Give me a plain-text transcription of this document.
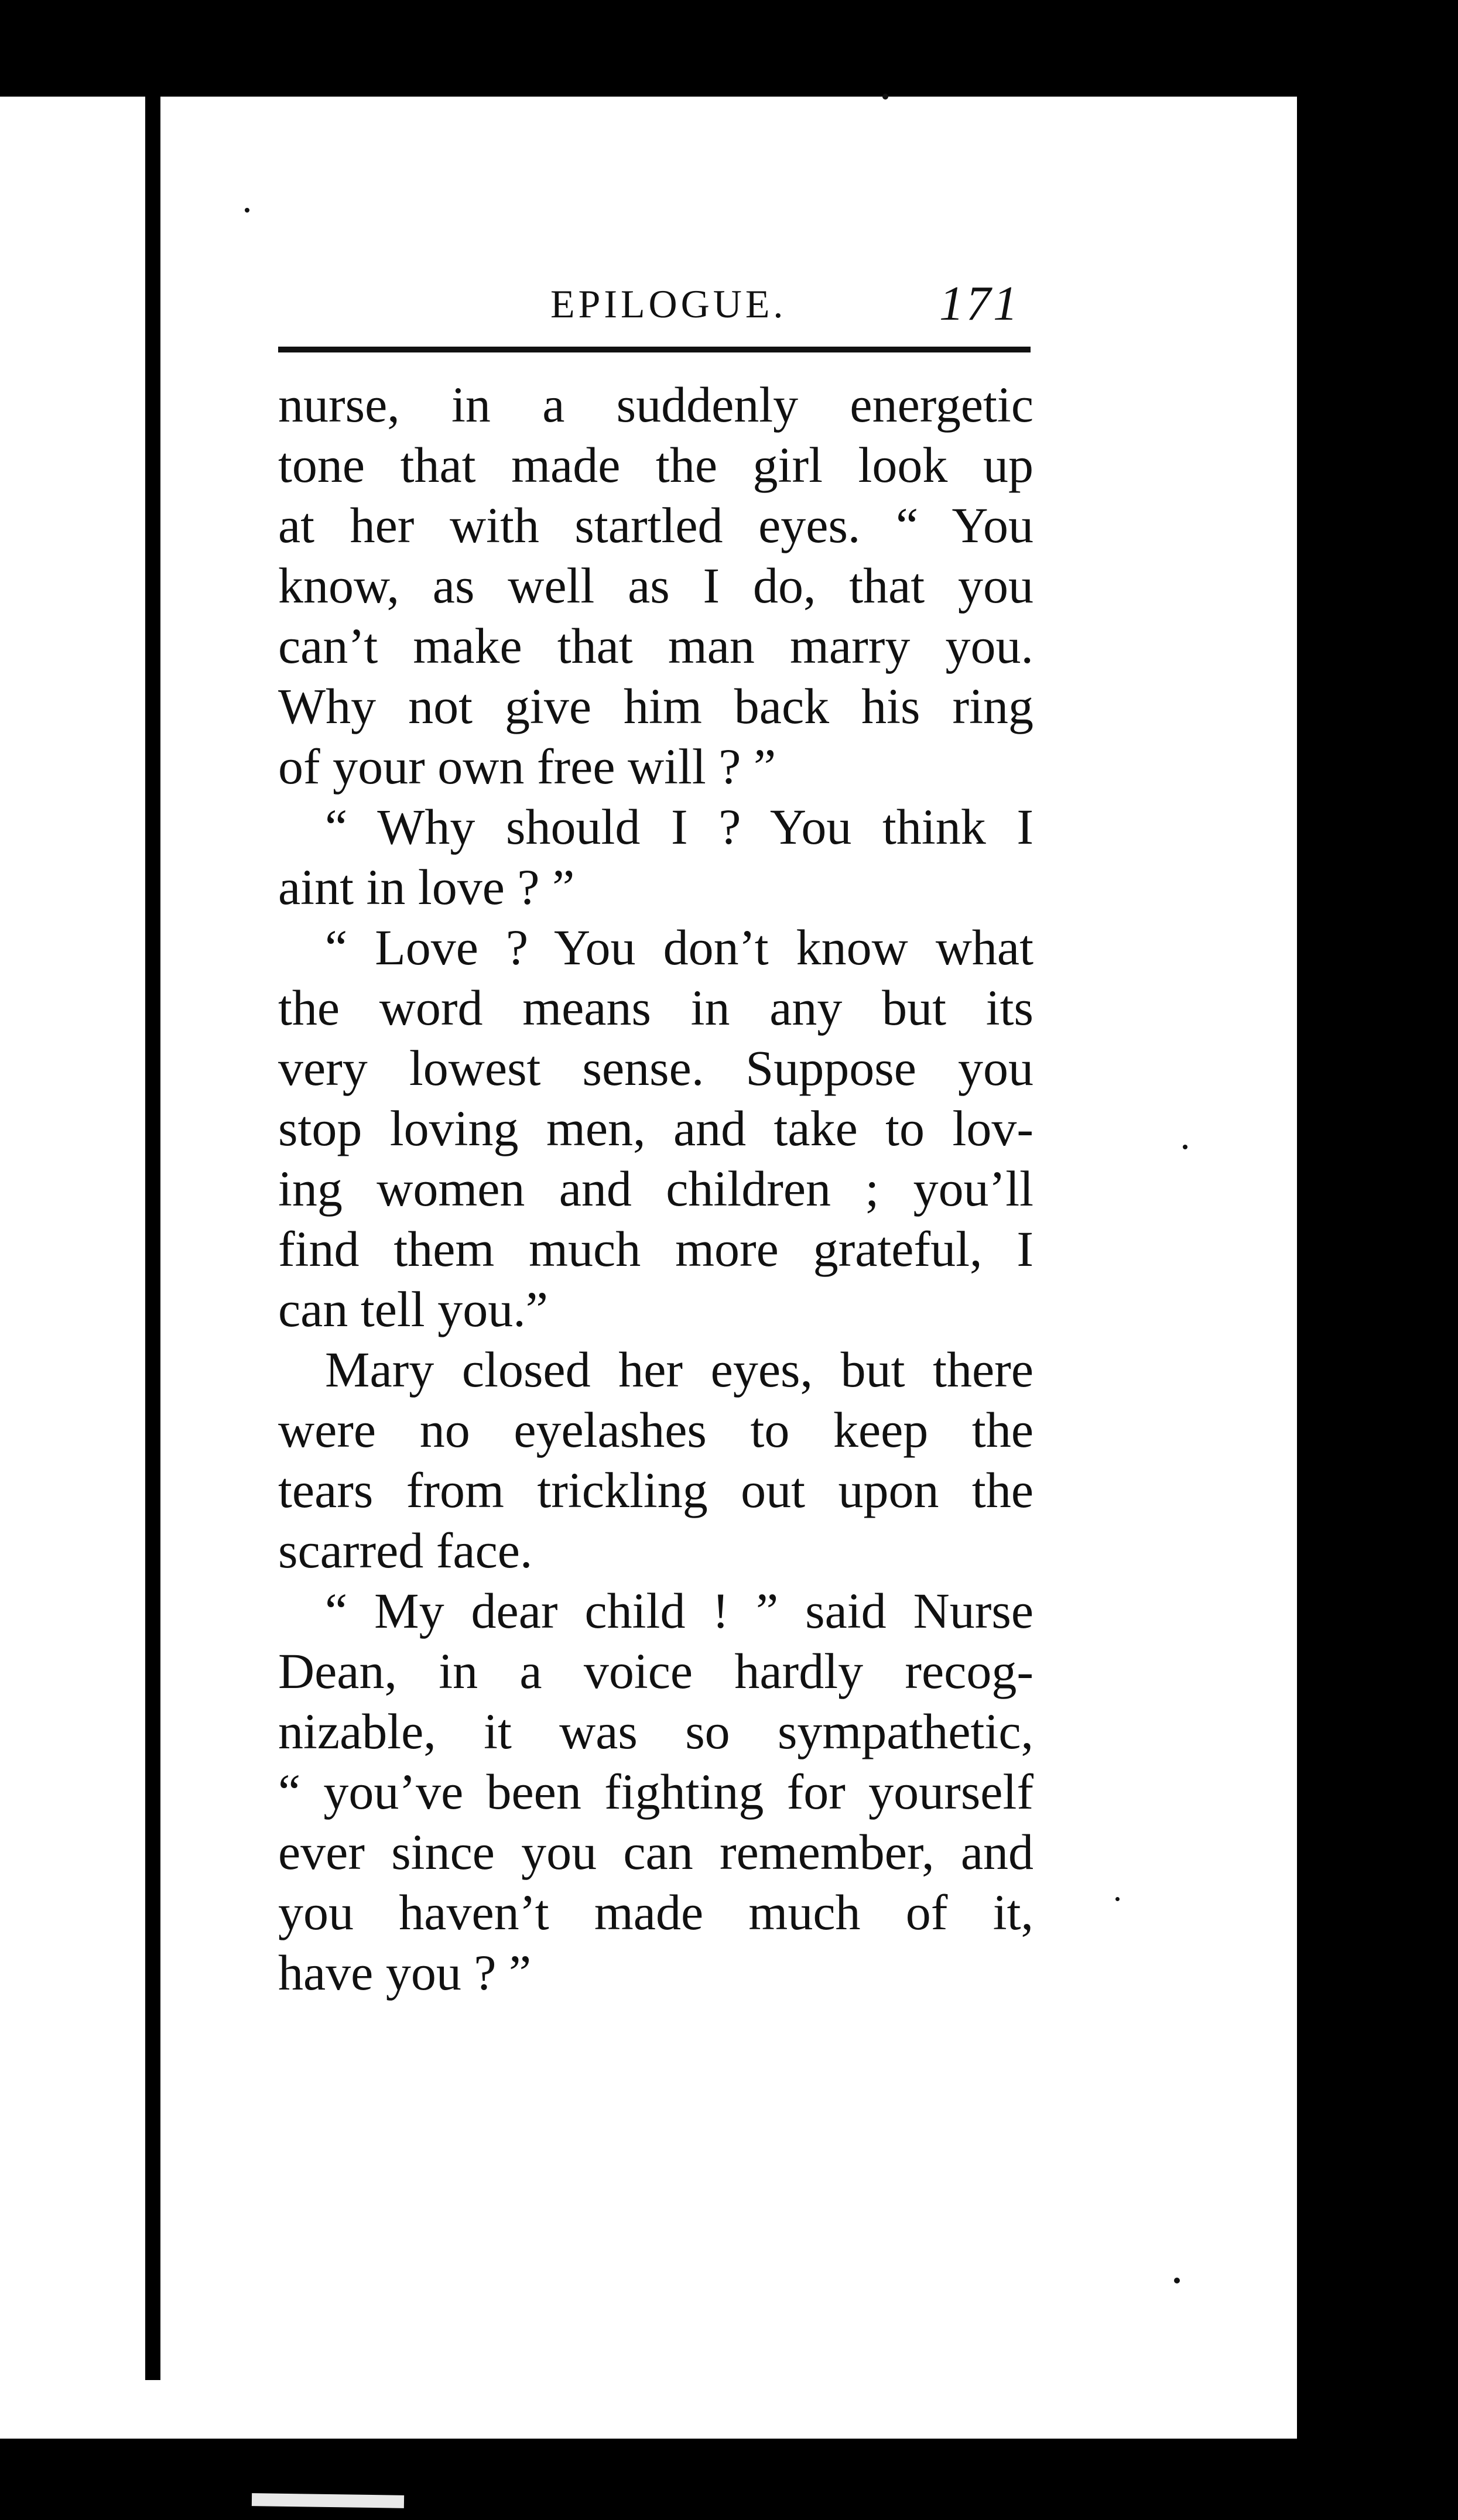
EPILOGUE.	171
nurse, in a suddenly energetic
tone that made the girl look up
at her with startled eyes. “ You
know, as well as I do, that you
can’t make that man marry you.
Why not give him back his ring
of your own free will ? ”
“ Why should I ? You think I
aint in love ? ”
“ Love ? You don’t know what
the word means in any but its
very lowest sense. Suppose you
stop loving men, and take to lov-
ing women and children ; you’ll
find them much more grateful, I
can tell you.”
Mary closed her eyes, but there
were no eyelashes to keep the
tears from trickling out upon the
scarred face.
“ My dear child ! ” said Nurse
Dean, in a voice hardly recog-
nizable, it was so sympathetic,
“ you’ve been fighting for yourself
ever since you can remember, and
you haven’t made much of it,
have you ? ”
